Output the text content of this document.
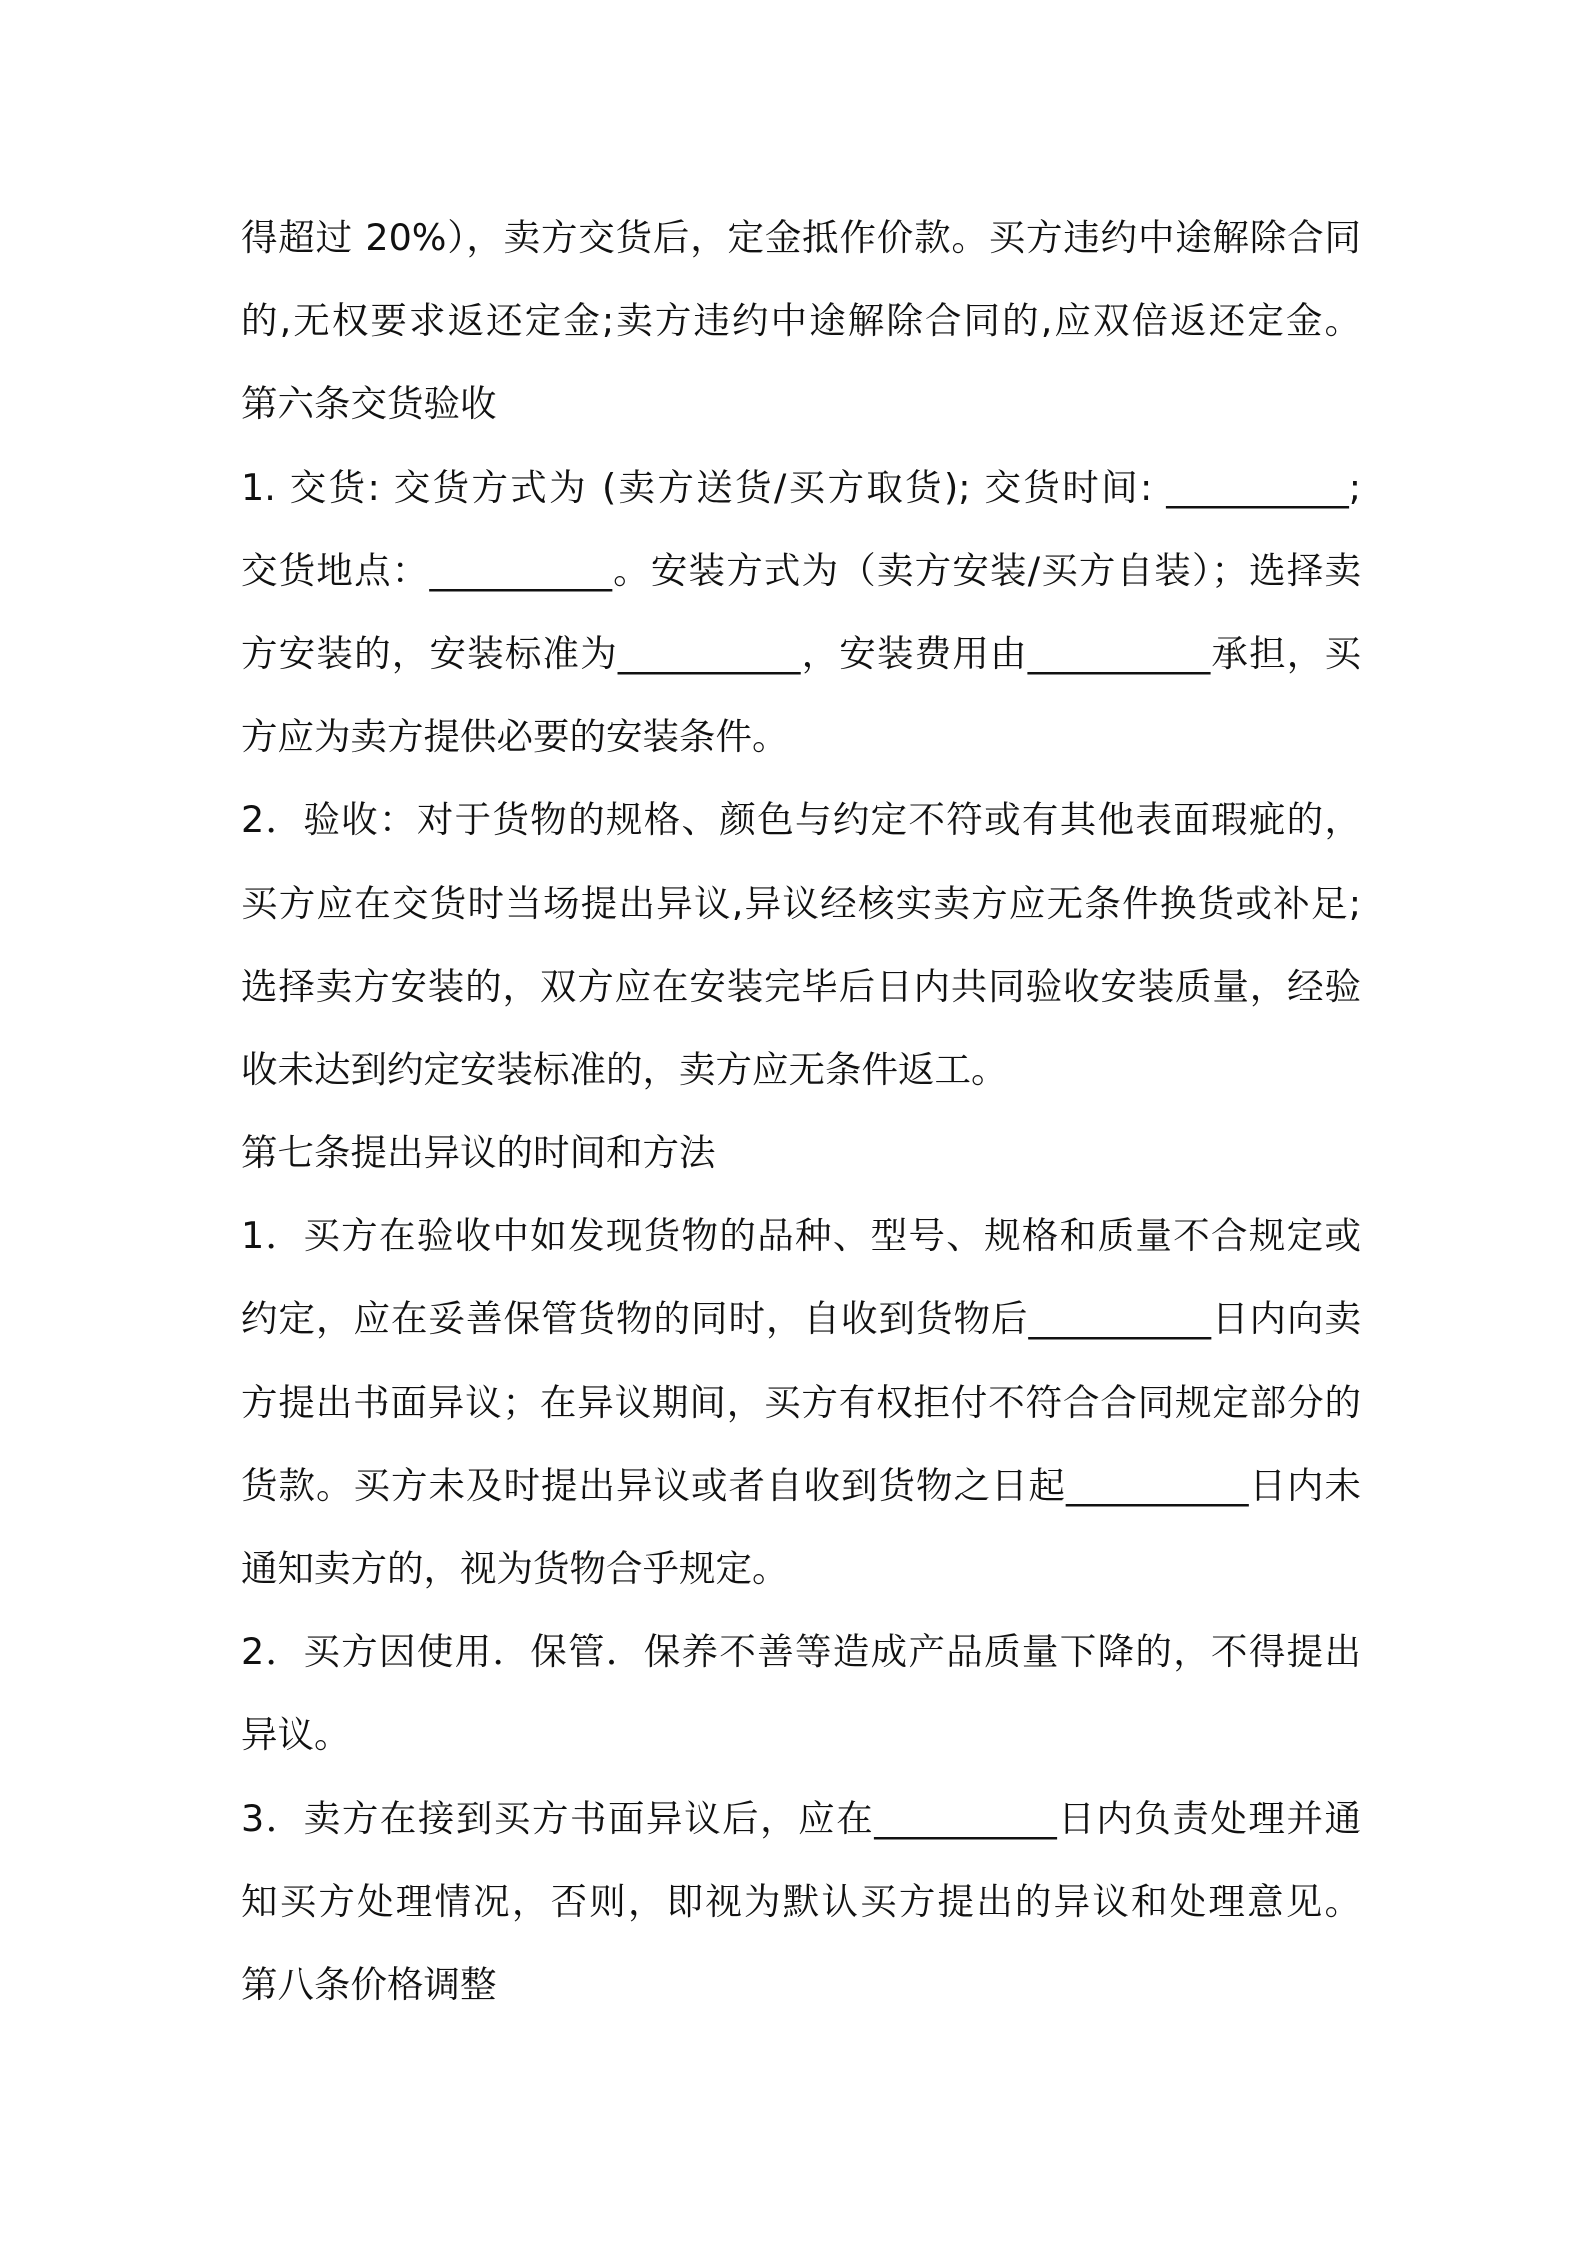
得超过 20%），卖方交货后，定金抵作价款。买方违约中途解除合同
的,无权要求返还定金;卖方违约中途解除合同的,应双倍返还定金。
第六条交货验收
1. 交货: 交货方式为 (卖方送货/买方取货); 交货时间: __________;
交货地点：__________。安装方式为（卖方安装/买方自装）；选择卖
方安装的，安装标准为__________，安装费用由__________承担，买
方应为卖方提供必要的安装条件。
2．验收：对于货物的规格、颜色与约定不符或有其他表面瑕疵的，
买方应在交货时当场提出异议,异议经核实卖方应无条件换货或补足;
选择卖方安装的，双方应在安装完毕后日内共同验收安装质量，经验
收未达到约定安装标准的，卖方应无条件返工。
第七条提出异议的时间和方法
1．买方在验收中如发现货物的品种、型号、规格和质量不合规定或
约定，应在妥善保管货物的同时，自收到货物后__________日内向卖
方提出书面异议；在异议期间，买方有权拒付不符合合同规定部分的
货款。买方未及时提出异议或者自收到货物之日起__________日内未
通知卖方的，视为货物合乎规定。
2．买方因使用．保管．保养不善等造成产品质量下降的，不得提出
异议。
3．卖方在接到买方书面异议后，应在__________日内负责处理并通
知买方处理情况，否则，即视为默认买方提出的异议和处理意见。
第八条价格调整
